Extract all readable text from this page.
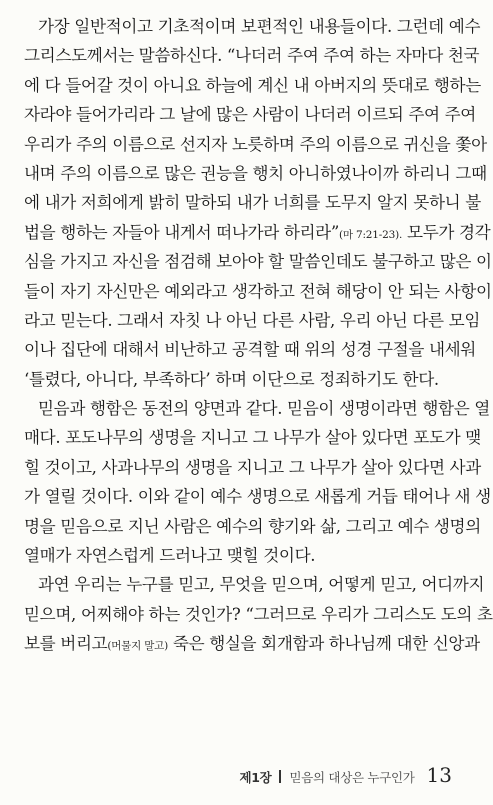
가장 일반적이고 기초적이며 보편적인 내용들이다. 그런데 예수
그리스도께서는 말씀하신다. “나더러 주여 주여 하는 자마다 천국
에 다 들어갈 것이 아니요 하늘에 계신 내 아버지의 뜻대로 행하는
자라야 들어가리라 그 날에 많은 사람이 나더러 이르되 주여 주여
우리가 주의 이름으로 선지자 노릇하며 주의 이름으로 귀신을 쫓아
내며 주의 이름으로 많은 권능을 행치 아니하였나이까 하리니 그때
에 내가 저희에게 밝히 말하되 내가 너희를 도무지 알지 못하니 불
법을 행하는 자들아 내게서 떠나가라 하리라”(마 7:21-23). 모두가 경각
심을 가지고 자신을 점검해 보아야 할 말씀인데도 불구하고 많은 이
들이 자기 자신만은 예외라고 생각하고 전혀 해당이 안 되는 사항이
라고 믿는다. 그래서 자칫 나 아닌 다른 사람, 우리 아닌 다른 모임
이나 집단에 대해서 비난하고 공격할 때 위의 성경 구절을 내세워
‘틀렸다, 아니다, 부족하다’ 하며 이단으로 정죄하기도 한다.
믿음과 행함은 동전의 양면과 같다. 믿음이 생명이라면 행함은 열
매다. 포도나무의 생명을 지니고 그 나무가 살아 있다면 포도가 맺
힐 것이고, 사과나무의 생명을 지니고 그 나무가 살아 있다면 사과
가 열릴 것이다. 이와 같이 예수 생명으로 새롭게 거듭 태어나 새 생
명을 믿음으로 지닌 사람은 예수의 향기와 삶, 그리고 예수 생명의
열매가 자연스럽게 드러나고 맺힐 것이다.
과연 우리는 누구를 믿고, 무엇을 믿으며, 어떻게 믿고, 어디까지
믿으며, 어찌해야 하는 것인가? “그러므로 우리가 그리스도 도의 초
보를 버리고(머물지 말고) 죽은 행실을 회개함과 하나님께 대한 신앙과
제1장 믿음의 대상은 누구인가 13
